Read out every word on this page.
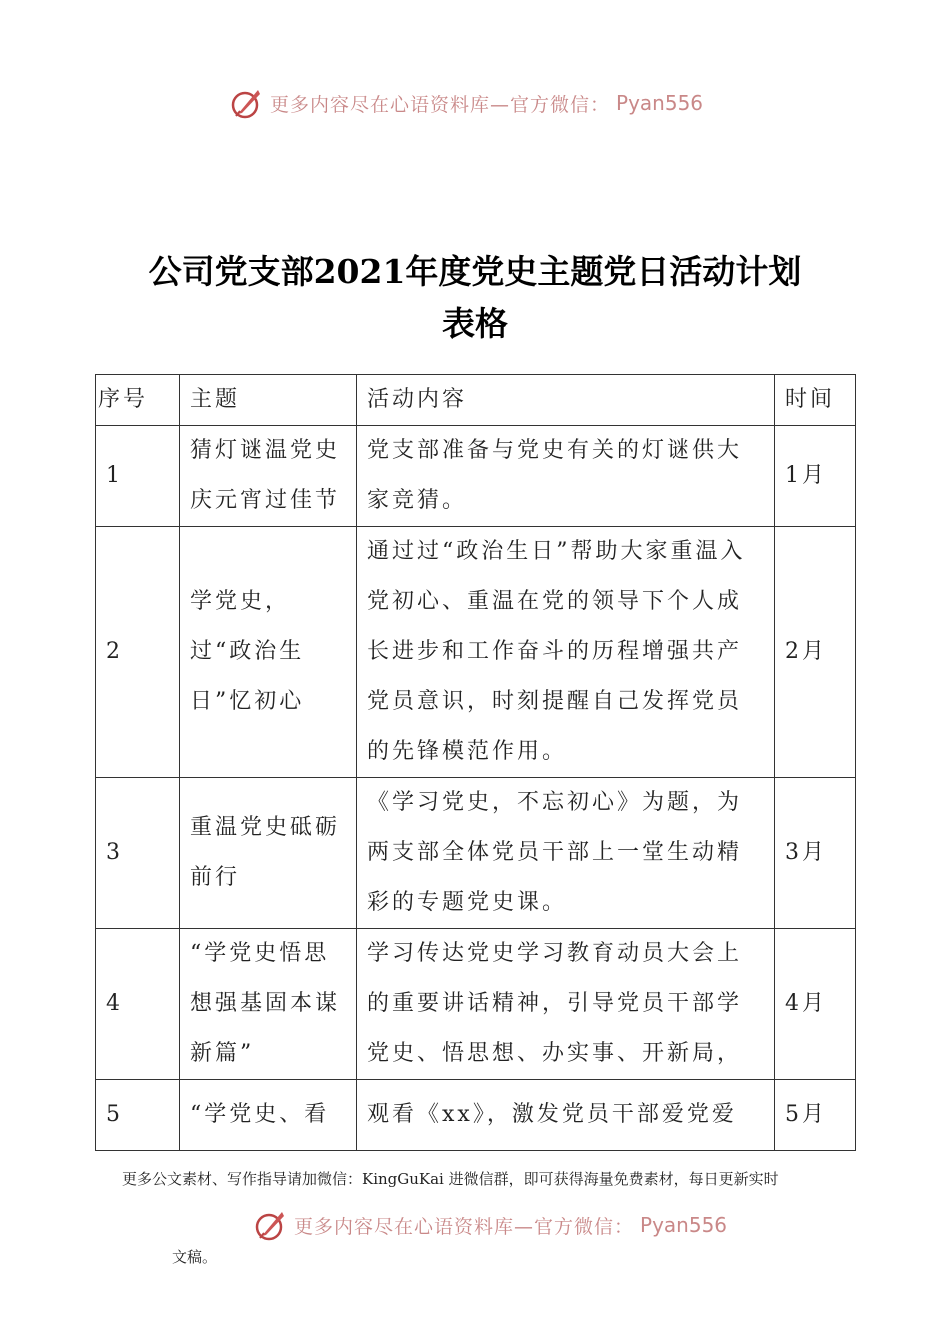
更多内容尽在心语资料库—官方微信： Pyan556
公司党支部2021年度党史主题党日活动计划
表格
序号	主题	活动内容	时间
1	猜灯谜温党史庆元宵过佳节	党支部准备与党史有关的灯谜供大家竞猜。	1月
2	学党史，过“政治生日”忆初心	通过过“政治生日”帮助大家重温入党初心、重温在党的领导下个人成长进步和工作奋斗的历程增强共产党员意识，时刻提醒自己发挥党员的先锋模范作用。	2月
3	重温党史砥砺前行	《学习党史，不忘初心》为题，为两支部全体党员干部上一堂生动精彩的专题党史课。	3月
4	“学党史悟思想强基固本谋新篇”	学习传达党史学习教育动员大会上的重要讲话精神，引导党员干部学党史、悟思想、办实事、开新局，	4月
5	“学党史、看	观看《xx》，激发党员干部爱党爱	5月
更多公文素材、写作指导请加微信：KingGuKai 进微信群，即可获得海量免费素材，每日更新实时
更多内容尽在心语资料库—官方微信： Pyan556
文稿。
